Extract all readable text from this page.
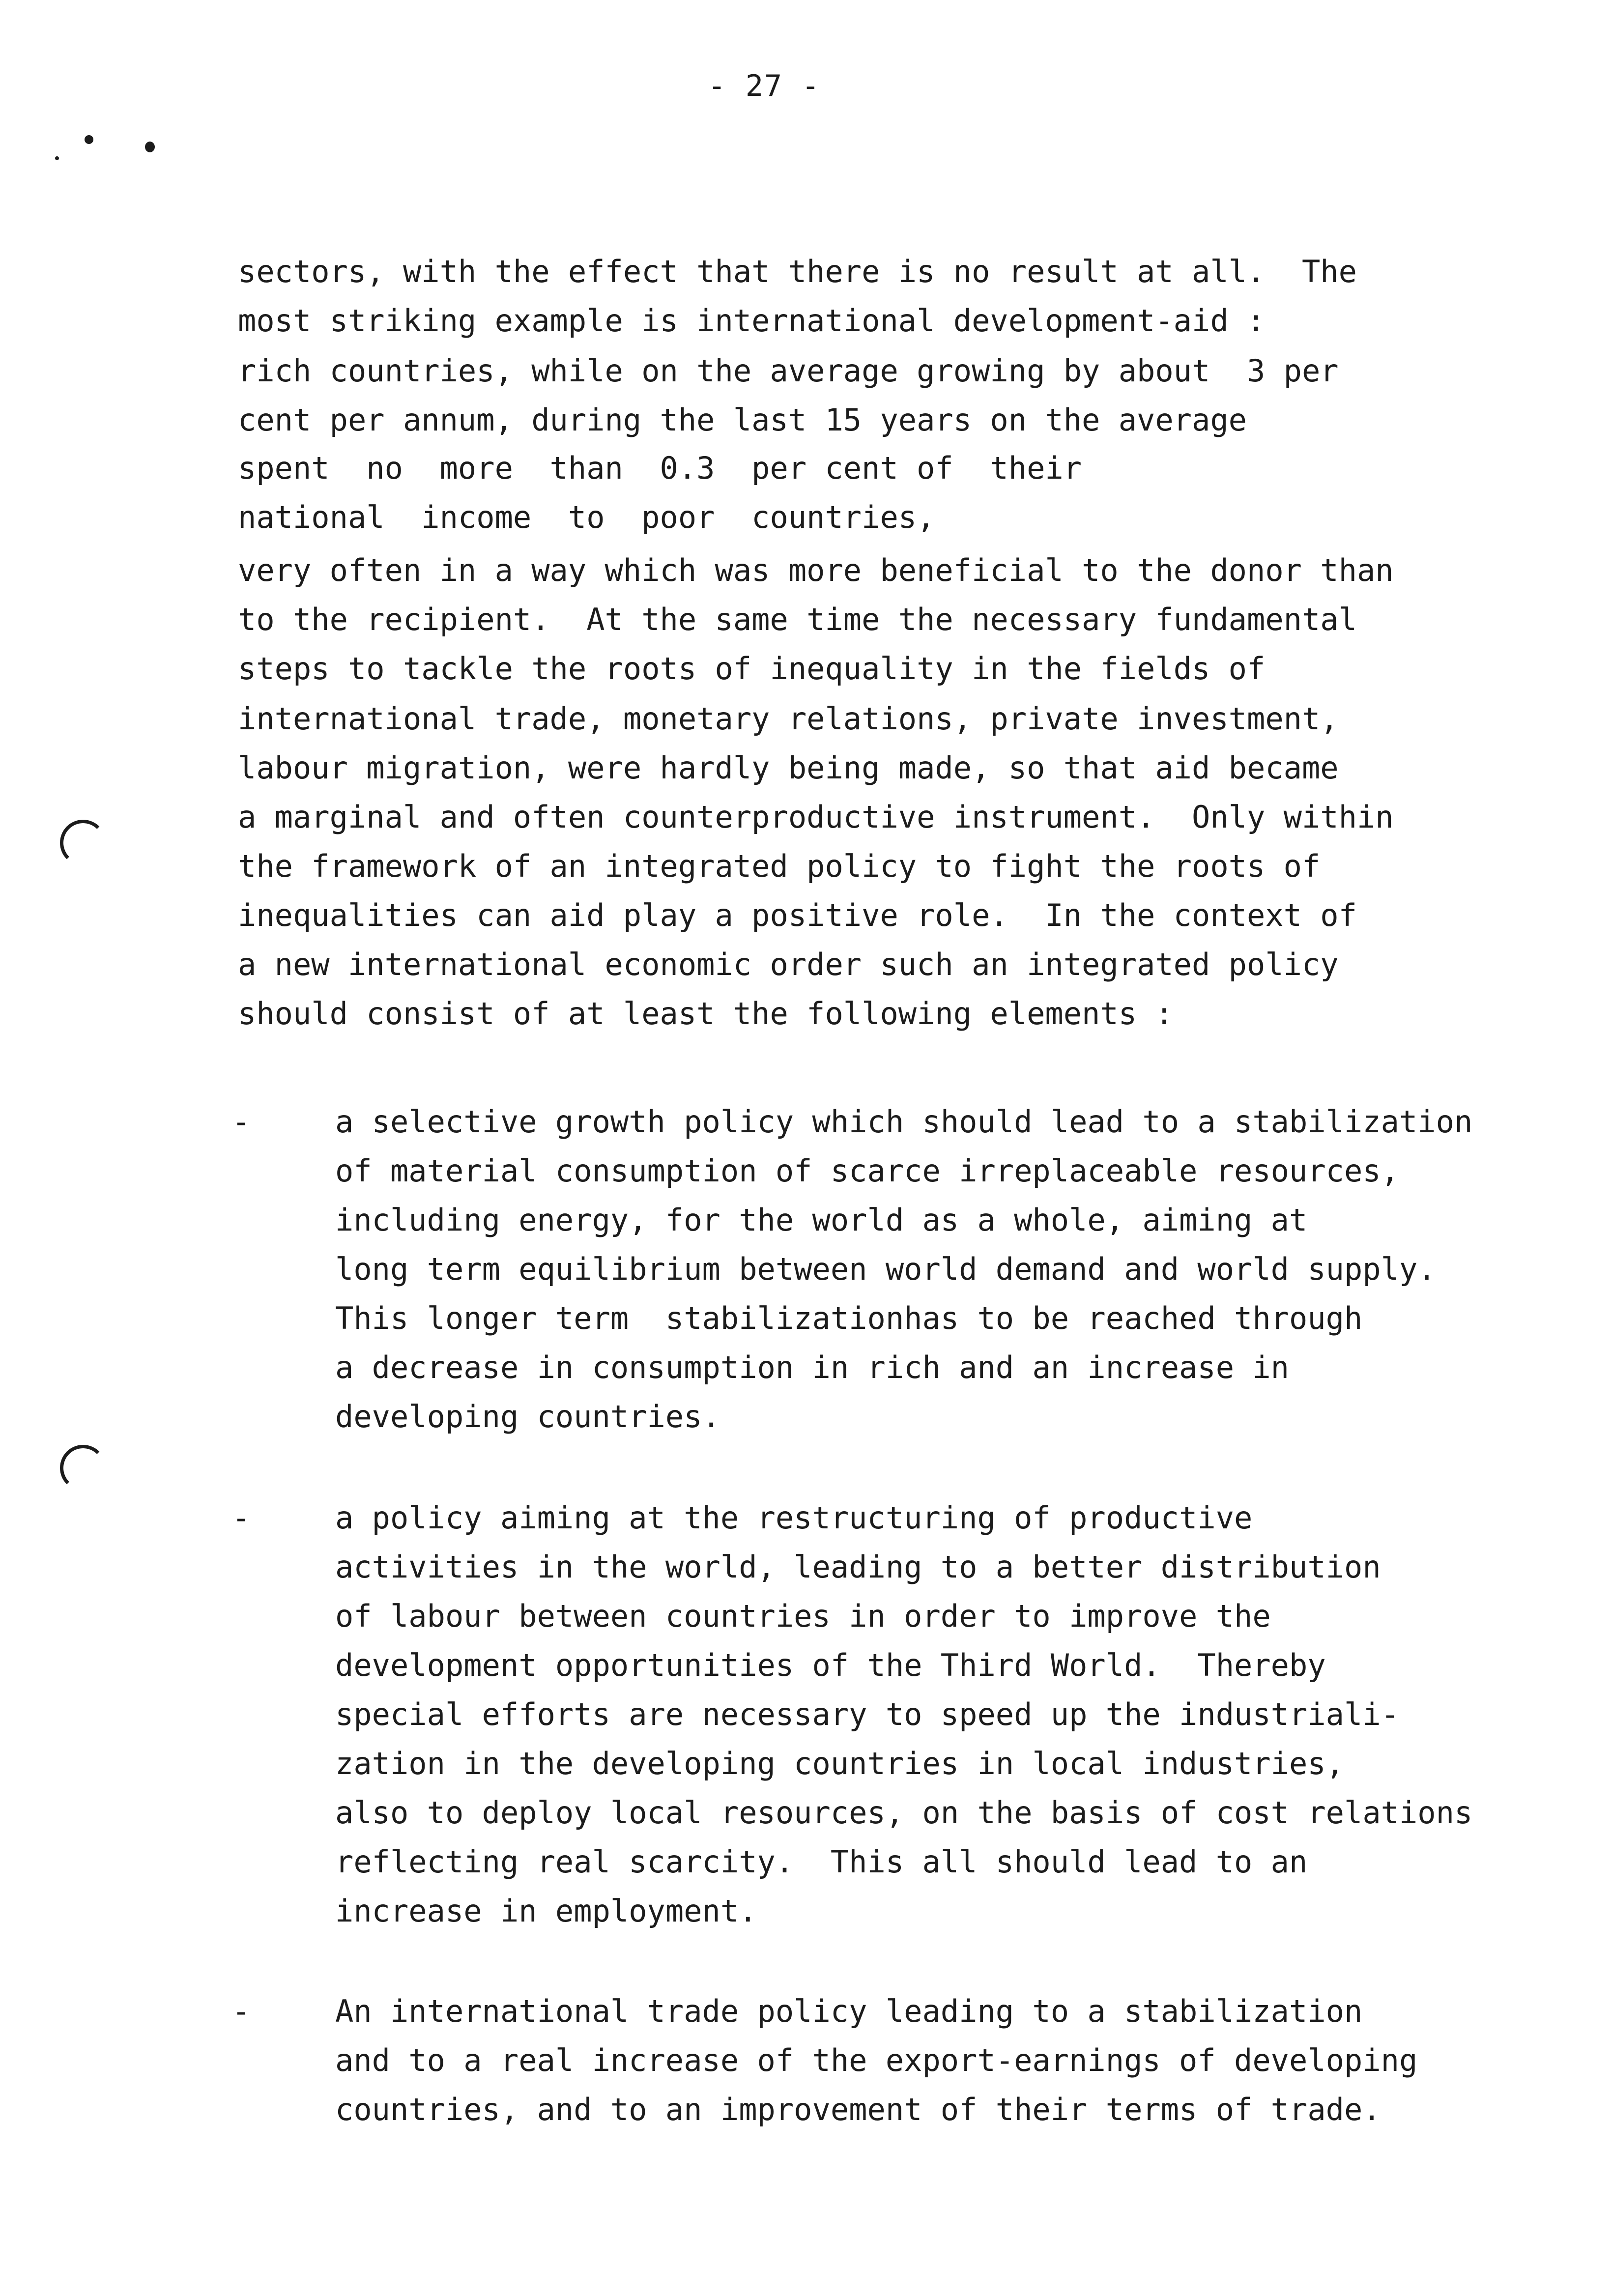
- 27 -
sectors, with the effect that there is no result at all.  The
most striking example is international development-aid :
rich countries, while on the average growing by about  3 per
cent per annum, during the last 15 years on the average
spent  no  more  than  0.3  per cent of  their
national  income  to  poor  countries,
very often in a way which was more beneficial to the donor than
to the recipient.  At the same time the necessary fundamental
steps to tackle the roots of inequality in the fields of
international trade, monetary relations, private investment,
labour migration, were hardly being made, so that aid became
a marginal and often counterproductive instrument.  Only within
the framework of an integrated policy to fight the roots of
inequalities can aid play a positive role.  In the context of
a new international economic order such an integrated policy
should consist of at least the following elements :
-	a selective growth policy which should lead to a stabilization
of material consumption of scarce irreplaceable resources,
including energy, for the world as a whole, aiming at
long term equilibrium between world demand and world supply.
This longer term  stabilizationhas to be reached through
a decrease in consumption in rich and an increase in
developing countries.
-	a policy aiming at the restructuring of productive
activities in the world, leading to a better distribution
of labour between countries in order to improve the
development opportunities of the Third World.  Thereby
special efforts are necessary to speed up the industriali-
zation in the developing countries in local industries,
also to deploy local resources, on the basis of cost relations
reflecting real scarcity.  This all should lead to an
increase in employment.
-	An international trade policy leading to a stabilization
and to a real increase of the export-earnings of developing
countries, and to an improvement of their terms of trade.
